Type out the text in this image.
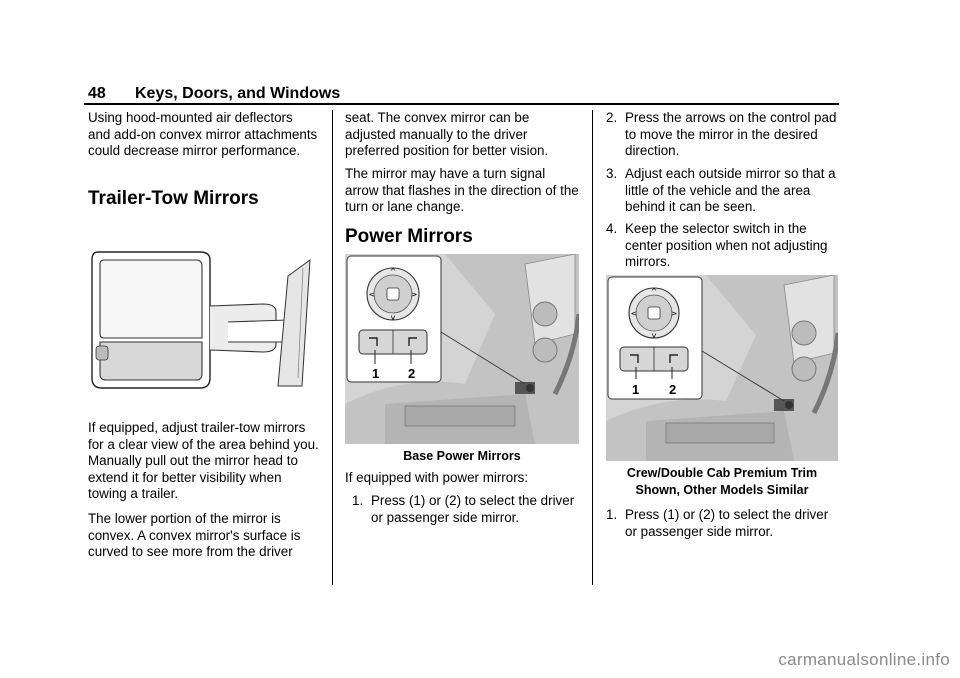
48 Keys, Doors, and Windows

Using hood-mounted air deflectors and add-on convex mirror attachments could decrease mirror performance.

Trailer-Tow Mirrors

If equipped, adjust trailer-tow mirrors for a clear view of the area behind you. Manually pull out the mirror head to extend it for better visibility when towing a trailer.

The lower portion of the mirror is convex. A convex mirror's surface is curved to see more from the driver

seat. The convex mirror can be adjusted manually to the driver preferred position for better vision.

The mirror may have a turn signal arrow that flashes in the direction of the turn or lane change.

Power Mirrors
^
v
<	>
1 2
Base Power Mirrors

If equipped with power mirrors:

1. Press (1) or (2) to select the driver or passenger side mirror.
2. Press the arrows on the control pad to move the mirror in the desired direction.
3. Adjust each outside mirror so that a little of the vehicle and the area behind it can be seen.
4. Keep the selector switch in the center position when not adjusting mirrors.
^
v
<	>
1 2
Crew/Double Cab Premium Trim
Shown, Other Models Similar
1. Press (1) or (2) to select the driver or passenger side mirror.
carmanualsonline.info
